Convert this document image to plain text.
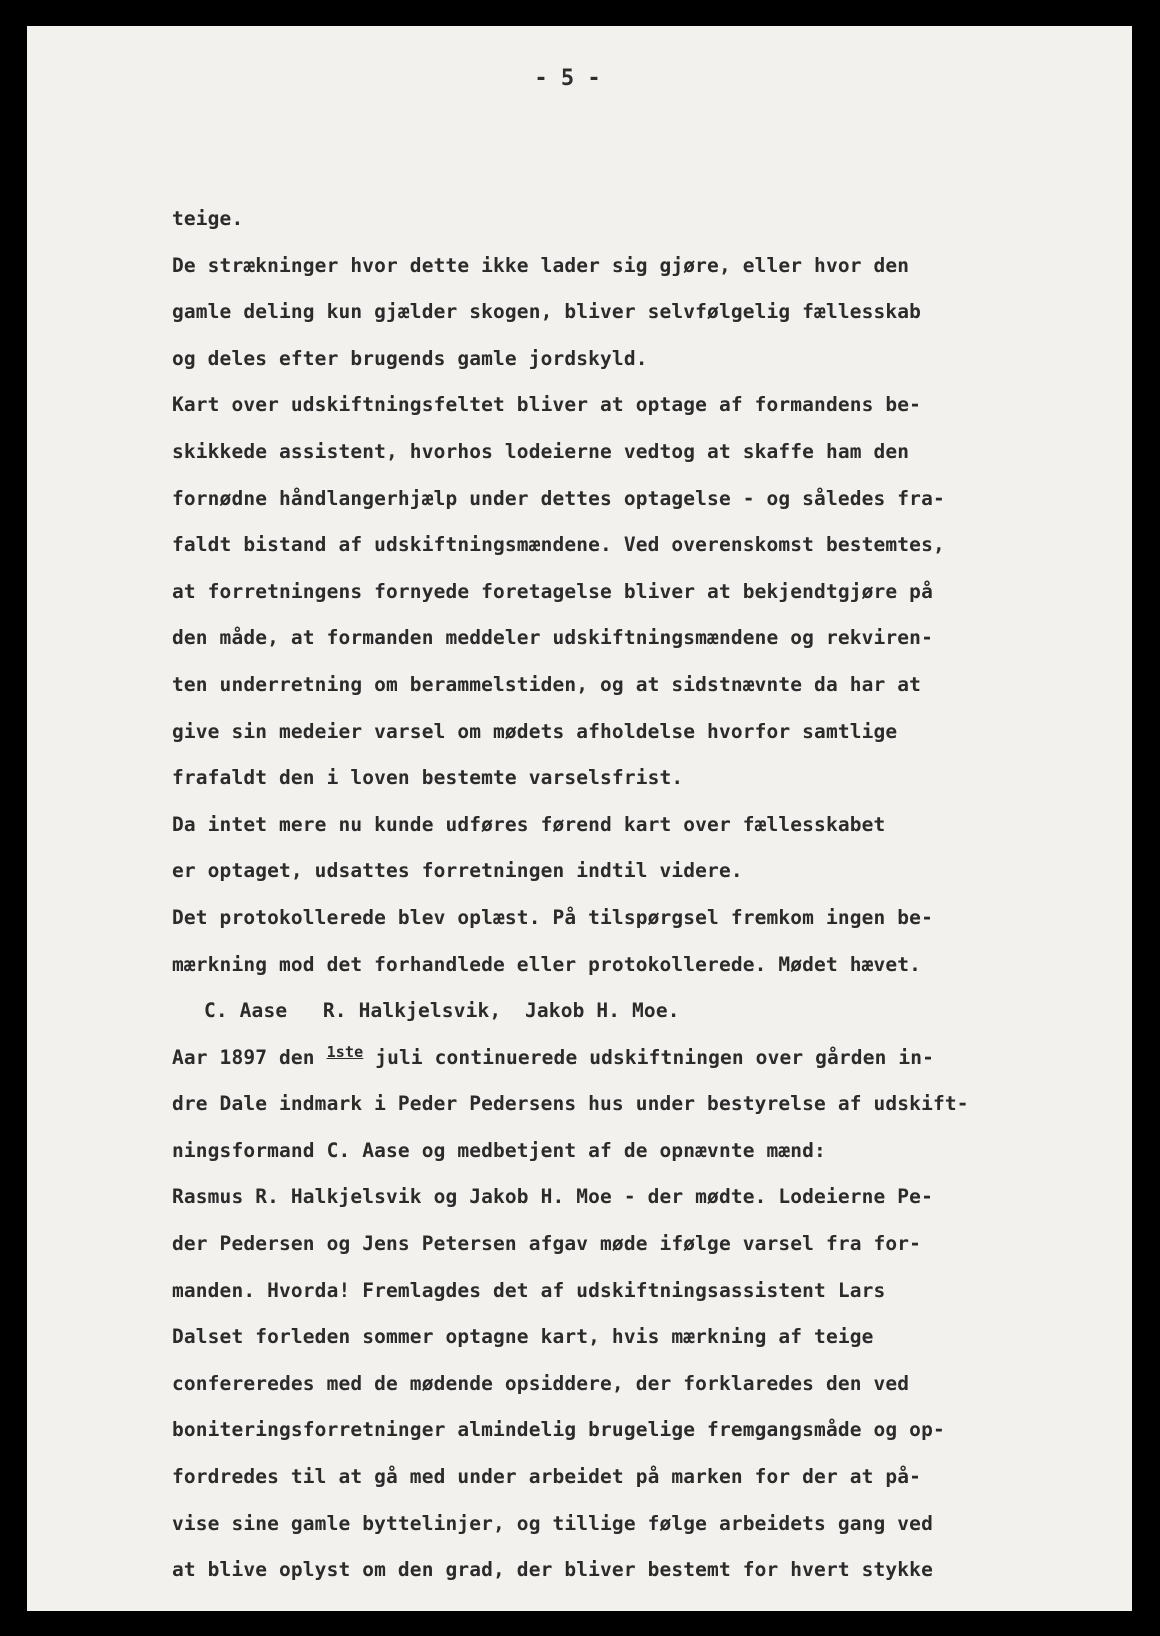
- 5 -
teige.
De strækninger hvor dette ikke lader sig gjøre, eller hvor den
gamle deling kun gjælder skogen, bliver selvfølgelig fællesskab
og deles efter brugends gamle jordskyld.
Kart over udskiftningsfeltet bliver at optage af formandens be-
skikkede assistent, hvorhos lodeierne vedtog at skaffe ham den
fornødne håndlangerhjælp under dettes optagelse - og således fra-
faldt bistand af udskiftningsmændene. Ved overenskomst bestemtes,
at forretningens fornyede foretagelse bliver at bekjendtgjøre på
den måde, at formanden meddeler udskiftningsmændene og rekviren-
ten underretning om berammelstiden, og at sidstnævnte da har at
give sin medeier varsel om mødets afholdelse hvorfor samtlige
frafaldt den i loven bestemte varselsfrist.
Da intet mere nu kunde udføres førend kart over fællesskabet
er optaget, udsattes forretningen indtil videre.
Det protokollerede blev oplæst. På tilspørgsel fremkom ingen be-
mærkning mod det forhandlede eller protokollerede. Mødet hævet.
C. Aase   R. Halkjelsvik,  Jakob H. Moe.
Aar 1897 den $^{1ste}$ juli continuerede udskiftningen over gården in-
dre Dale indmark i Peder Pedersens hus under bestyrelse af udskift-
ningsformand C. Aase og medbetjent af de opnævnte mænd:
Rasmus R. Halkjelsvik og Jakob H. Moe - der mødte. Lodeierne Pe-
der Pedersen og Jens Petersen afgav møde ifølge varsel fra for-
manden. Hvorda! Fremlagdes det af udskiftningsassistent Lars
Dalset forleden sommer optagne kart, hvis mærkning af teige
confereredes med de mødende opsiddere, der forklaredes den ved
boniteringsforretninger almindelig brugelige fremgangsmåde og op-
fordredes til at gå med under arbeidet på marken for der at på-
vise sine gamle byttelinjer, og tillige følge arbeidets gang ved
at blive oplyst om den grad, der bliver bestemt for hvert stykke
